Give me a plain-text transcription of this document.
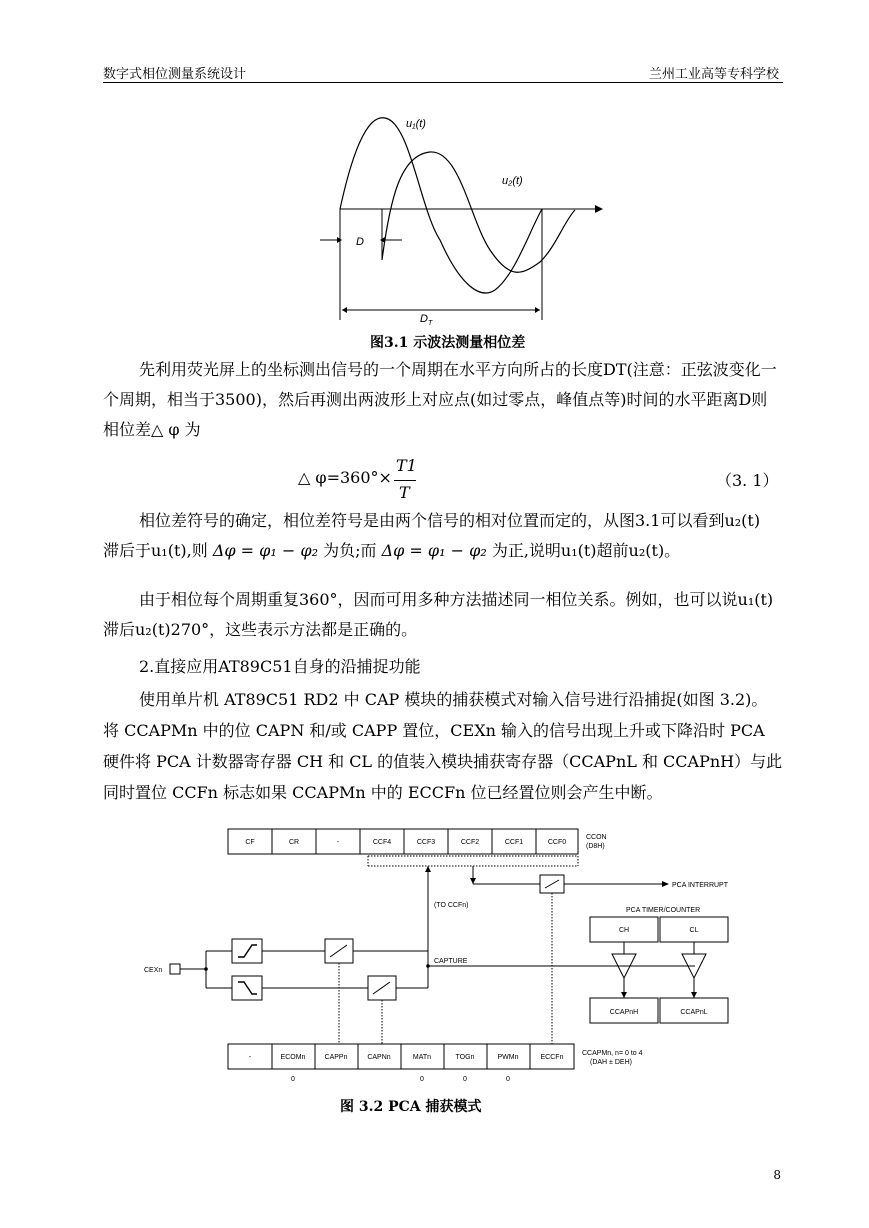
数字式相位测量系统设计	兰州工业高等专科学校
u₁(t)
u₂(t)
D
D T
图3.1 示波法测量相位差
先利用荧光屏上的坐标测出信号的一个周期在水平方向所占的长度DT(注意：正弦波变化一个周期，相当于3500)，然后再测出两波形上对应点(如过零点，峰值点等)时间的水平距离D则相位差△ φ 为
△ φ=360°×
T1
T
（3. 1）
相位差符号的确定，相位差符号是由两个信号的相对位置而定的，从图3.1可以看到u₂(t)
滞后于u₁(t),则 Δφ = φ₁ − φ₂ 为负;而 Δφ = φ₁ − φ₂ 为正,说明u₁(t)超前u₂(t)。
由于相位每个周期重复360°，因而可用多种方法描述同一相位关系。例如，也可以说u₁(t)滞后u₂(t)270°，这些表示方法都是正确的。
2.直接应用AT89C51自身的沿捕捉功能
使用单片机 AT89C51 RD2 中 CAP 模块的捕获模式对输入信号进行沿捕捉(如图 3.2)。将 CCAPMn 中的位 CAPN 和/或 CAPP 置位，CEXn 输入的信号出现上升或下降沿时 PCA 硬件将 PCA 计数器寄存器 CH 和 CL 的值装入模块捕获寄存器（CCAPnL 和 CCAPnH）与此同时置位 CCFn 标志如果 CCAPMn 中的 ECCFn 位已经置位则会产生中断。
CF	CR	-	CCF4	CCF3	CCF2	CCF1	CCF0
CCON
(D8H)
PCA INTERRUPT
(TO CCFn)
CEXn
CAPTURE
PCA TIMER/COUNTER
CH	CL
CCAPnH	CCAPnL
-	ECOMn	CAPPn	CAPNn	MATn	TOGn	PWMn	ECCFn
CCAPMn, n= 0 to 4
(DAH ± DEH)
0	0	0	0
图 3.2 PCA 捕获模式
8
